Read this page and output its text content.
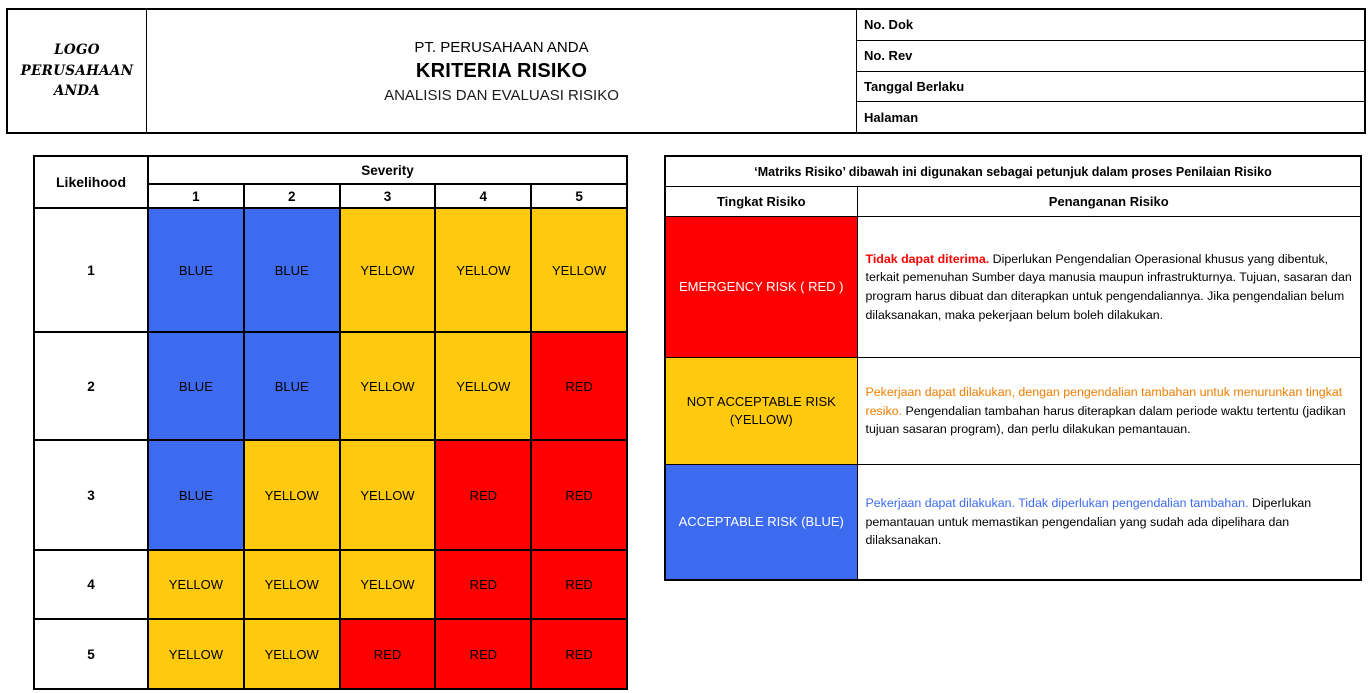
LOGO PERUSAHAAN
ANDA
PT. PERUSAHAAN ANDA
KRITERIA RISIKO
ANALISIS DAN EVALUASI RISIKO
No. Dok
No. Rev
Tanggal Berlaku
Halaman
Likelihood	Severity				
	1	2	3	4	5
1	BLUE	BLUE	YELLOW	YELLOW	YELLOW
2	BLUE	BLUE	YELLOW	YELLOW	RED
3	BLUE	YELLOW	YELLOW	RED	RED
4	YELLOW	YELLOW	YELLOW	RED	RED
5	YELLOW	YELLOW	RED	RED	RED
‘Matriks Risiko’ dibawah ini digunakan sebagai petunjuk dalam proses Penilaian Risiko	
Tingkat Risiko	Penanganan Risiko
EMERGENCY RISK ( RED )	Tidak dapat diterima. Diperlukan Pengendalian Operasional khusus yang dibentuk, terkait pemenuhan Sumber daya manusia maupun infrastrukturnya. Tujuan, sasaran dan program harus dibuat dan diterapkan untuk pengendaliannya. Jika pengendalian belum dilaksanakan, maka pekerjaan belum boleh dilakukan.
NOT ACCEPTABLE RISK (YELLOW)	Pekerjaan dapat dilakukan, dengan pengendalian tambahan untuk menurunkan tingkat resiko. Pengendalian tambahan harus diterapkan dalam periode waktu tertentu (jadikan tujuan sasaran program), dan perlu dilakukan pemantauan.
ACCEPTABLE RISK (BLUE)	Pekerjaan dapat dilakukan. Tidak diperlukan pengendalian tambahan. Diperlukan pemantauan untuk memastikan pengendalian yang sudah ada dipelihara dan dilaksanakan.
